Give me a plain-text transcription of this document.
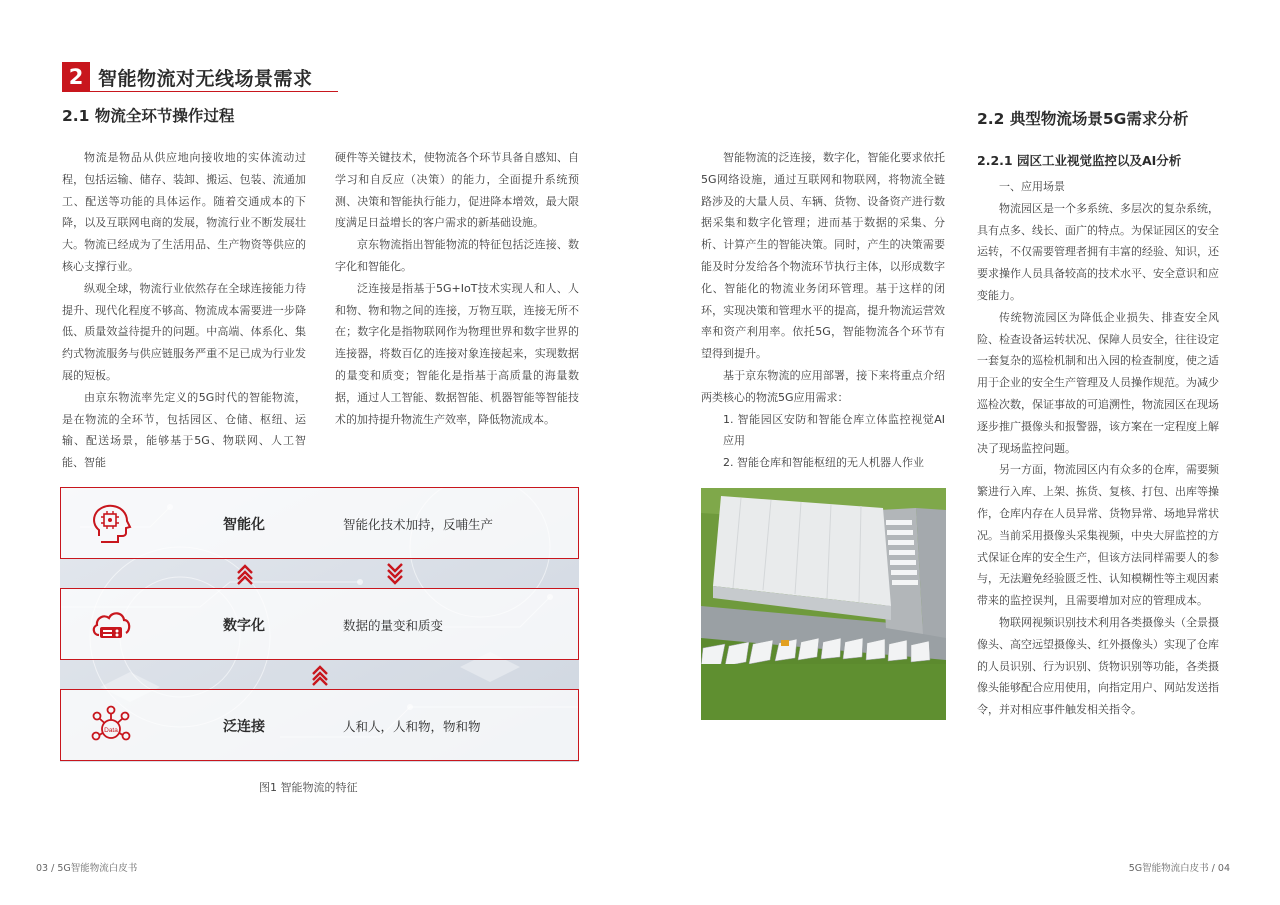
2 智能物流对无线场景需求
2.1 物流全环节操作过程

物流是物品从供应地向接收地的实体流动过程，包括运输、储存、装卸、搬运、包装、流通加工、配送等功能的具体运作。随着交通成本的下降，以及互联网电商的发展，物流行业不断发展壮大。物流已经成为了生活用品、生产物资等供应的核心支撑行业。

纵观全球，物流行业依然存在全球连接能力待提升、现代化程度不够高、物流成本需要进一步降低、质量效益待提升的问题。中高端、体系化、集约式物流服务与供应链服务严重不足已成为行业发展的短板。

由京东物流率先定义的5G时代的智能物流，是在物流的全环节，包括园区、仓储、枢纽、运输、配送场景，能够基于5G、物联网、人工智能、智能

硬件等关键技术，使物流各个环节具备自感知、自学习和自反应（决策）的能力，全面提升系统预测、决策和智能执行能力，促进降本增效，最大限度满足日益增长的客户需求的新基础设施。

京东物流指出智能物流的特征包括泛连接、数字化和智能化。

泛连接是指基于5G+IoT技术实现人和人、人和物、物和物之间的连接，万物互联，连接无所不在；数字化是指物联网作为物理世界和数字世界的连接器，将数百亿的连接对象连接起来，实现数据的量变和质变；智能化是指基于高质量的海量数据，通过人工智能、数据智能、机器智能等智能技术的加持提升物流生产效率，降低物流成本。

智能化	智能化技术加持，反哺生产
数字化	数据的量变和质变
Data	泛连接	人和人，人和物，物和物
图1 智能物流的特征

智能物流的泛连接，数字化，智能化要求依托5G网络设施，通过互联网和物联网，将物流全链路涉及的大量人员、车辆、货物、设备资产进行数据采集和数字化管理；进而基于数据的采集、分析、计算产生的智能决策。同时，产生的决策需要能及时分发给各个物流环节执行主体，以形成数字化、智能化的物流业务闭环管理。基于这样的闭环，实现决策和管理水平的提高，提升物流运营效率和资产利用率。依托5G，智能物流各个环节有望得到提升。

基于京东物流的应用部署，接下来将重点介绍两类核心的物流5G应用需求：

1. 智能园区安防和智能仓库立体监控视觉AI应用

2. 智能仓库和智能枢纽的无人机器人作业

2.2 典型物流场景5G需求分析
2.2.1 园区工业视觉监控以及AI分析

一、应用场景

物流园区是一个多系统、多层次的复杂系统，具有点多、线长、面广的特点。为保证园区的安全运转，不仅需要管理者拥有丰富的经验、知识，还要求操作人员具备较高的技术水平、安全意识和应变能力。

传统物流园区为降低企业损失、排查安全风险、检查设备运转状况、保障人员安全，往往设定一套复杂的巡检机制和出入园的检查制度，使之适用于企业的安全生产管理及人员操作规范。为减少巡检次数，保证事故的可追溯性，物流园区在现场逐步推广摄像头和报警器，该方案在一定程度上解决了现场监控问题。

另一方面，物流园区内有众多的仓库，需要频繁进行入库、上架、拣货、复核、打包、出库等操作，仓库内存在人员异常、货物异常、场地异常状况。当前采用摄像头采集视频，中央大屏监控的方式保证仓库的安全生产，但该方法同样需要人的参与，无法避免经验匮乏性、认知模糊性等主观因素带来的监控误判，且需要增加对应的管理成本。

物联网视频识别技术利用各类摄像头（全景摄像头、高空远望摄像头、红外摄像头）实现了仓库的人员识别、行为识别、货物识别等功能，各类摄像头能够配合应用使用，向指定用户、网站发送指令，并对相应事件触发相关指令。

03 / 5G智能物流白皮书	5G智能物流白皮书 / 04
